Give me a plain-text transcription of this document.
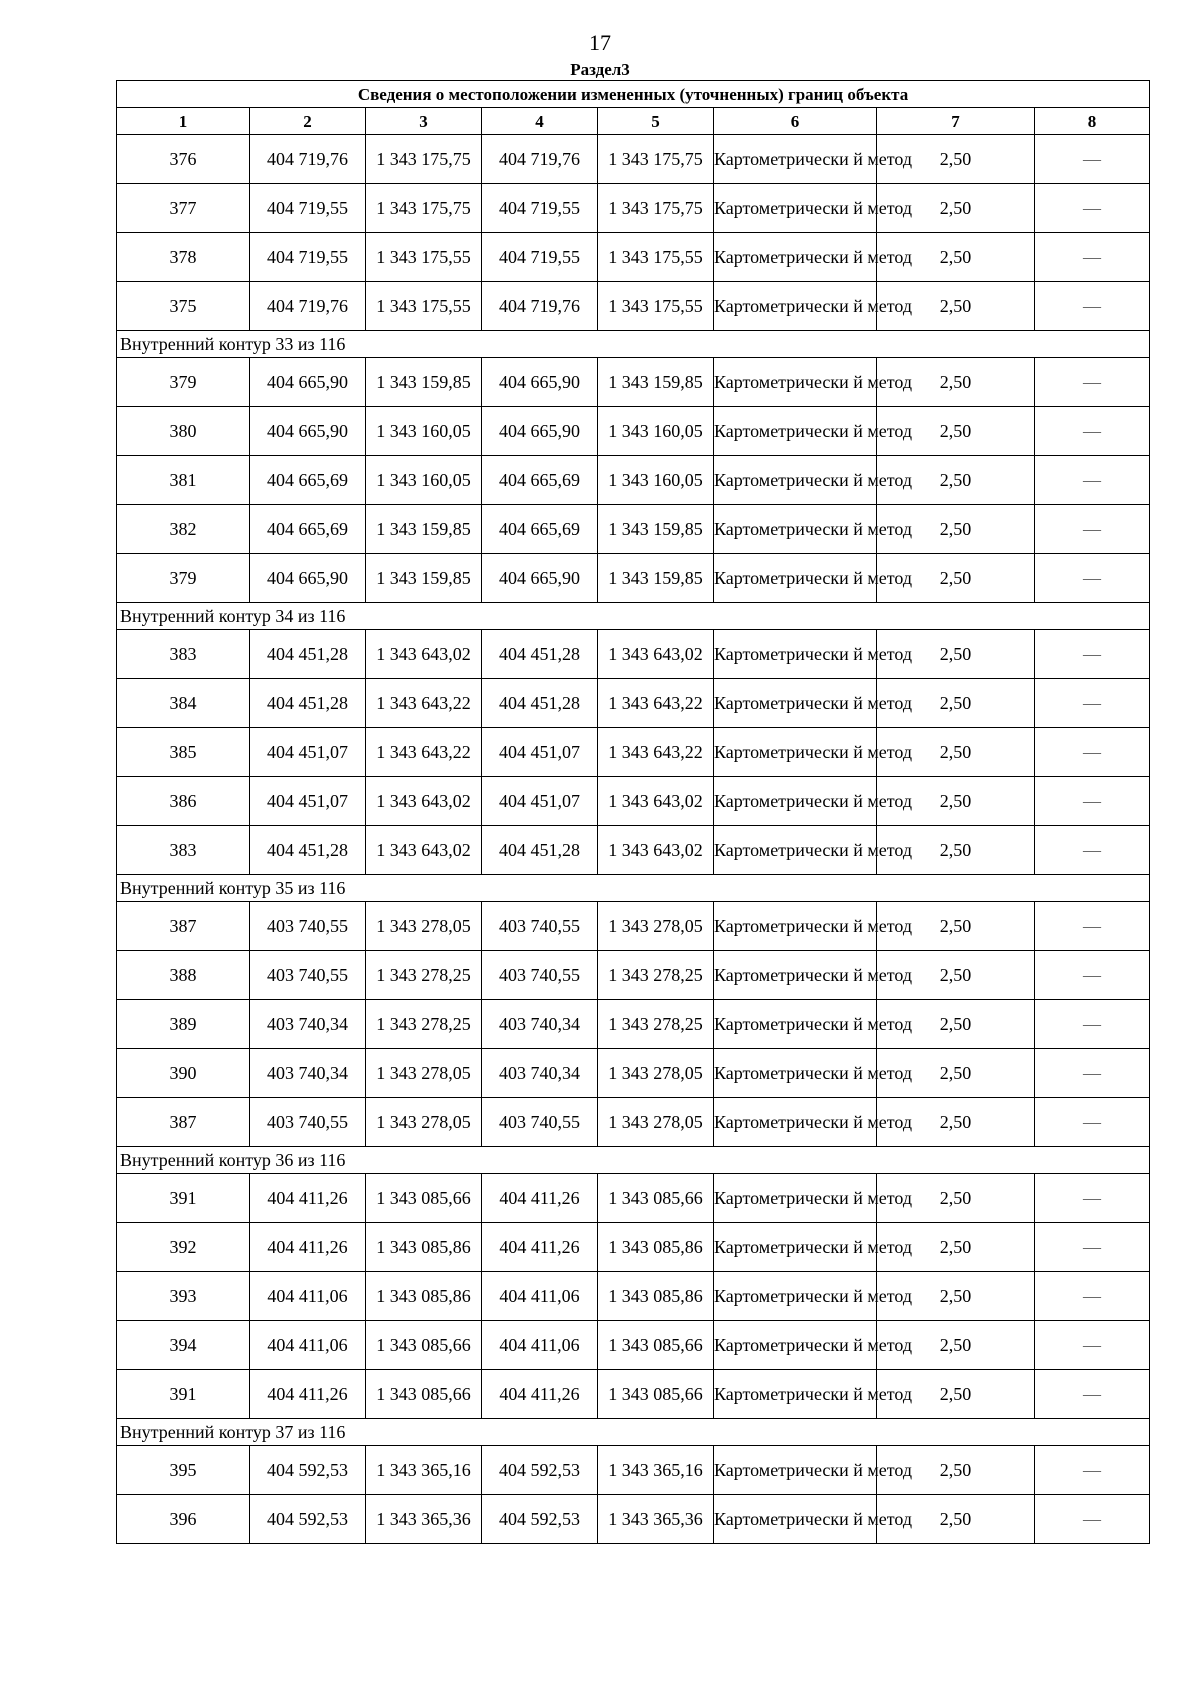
17
Раздел3
Сведения о местоположении измененных (уточненных) границ объекта							
1	2	3	4	5	6	7	8
376	404 719,76	1 343 175,75	404 719,76	1 343 175,75	Картометрически й метод	2,50	—
377	404 719,55	1 343 175,75	404 719,55	1 343 175,75	Картометрически й метод	2,50	—
378	404 719,55	1 343 175,55	404 719,55	1 343 175,55	Картометрически й метод	2,50	—
375	404 719,76	1 343 175,55	404 719,76	1 343 175,55	Картометрически й метод	2,50	—
Внутренний контур 33 из 116							
379	404 665,90	1 343 159,85	404 665,90	1 343 159,85	Картометрически й метод	2,50	—
380	404 665,90	1 343 160,05	404 665,90	1 343 160,05	Картометрически й метод	2,50	—
381	404 665,69	1 343 160,05	404 665,69	1 343 160,05	Картометрически й метод	2,50	—
382	404 665,69	1 343 159,85	404 665,69	1 343 159,85	Картометрически й метод	2,50	—
379	404 665,90	1 343 159,85	404 665,90	1 343 159,85	Картометрически й метод	2,50	—
Внутренний контур 34 из 116							
383	404 451,28	1 343 643,02	404 451,28	1 343 643,02	Картометрически й метод	2,50	—
384	404 451,28	1 343 643,22	404 451,28	1 343 643,22	Картометрически й метод	2,50	—
385	404 451,07	1 343 643,22	404 451,07	1 343 643,22	Картометрически й метод	2,50	—
386	404 451,07	1 343 643,02	404 451,07	1 343 643,02	Картометрически й метод	2,50	—
383	404 451,28	1 343 643,02	404 451,28	1 343 643,02	Картометрически й метод	2,50	—
Внутренний контур 35 из 116							
387	403 740,55	1 343 278,05	403 740,55	1 343 278,05	Картометрически й метод	2,50	—
388	403 740,55	1 343 278,25	403 740,55	1 343 278,25	Картометрически й метод	2,50	—
389	403 740,34	1 343 278,25	403 740,34	1 343 278,25	Картометрически й метод	2,50	—
390	403 740,34	1 343 278,05	403 740,34	1 343 278,05	Картометрически й метод	2,50	—
387	403 740,55	1 343 278,05	403 740,55	1 343 278,05	Картометрически й метод	2,50	—
Внутренний контур 36 из 116							
391	404 411,26	1 343 085,66	404 411,26	1 343 085,66	Картометрически й метод	2,50	—
392	404 411,26	1 343 085,86	404 411,26	1 343 085,86	Картометрически й метод	2,50	—
393	404 411,06	1 343 085,86	404 411,06	1 343 085,86	Картометрически й метод	2,50	—
394	404 411,06	1 343 085,66	404 411,06	1 343 085,66	Картометрически й метод	2,50	—
391	404 411,26	1 343 085,66	404 411,26	1 343 085,66	Картометрически й метод	2,50	—
Внутренний контур 37 из 116							
395	404 592,53	1 343 365,16	404 592,53	1 343 365,16	Картометрически й метод	2,50	—
396	404 592,53	1 343 365,36	404 592,53	1 343 365,36	Картометрически й метод	2,50	—
